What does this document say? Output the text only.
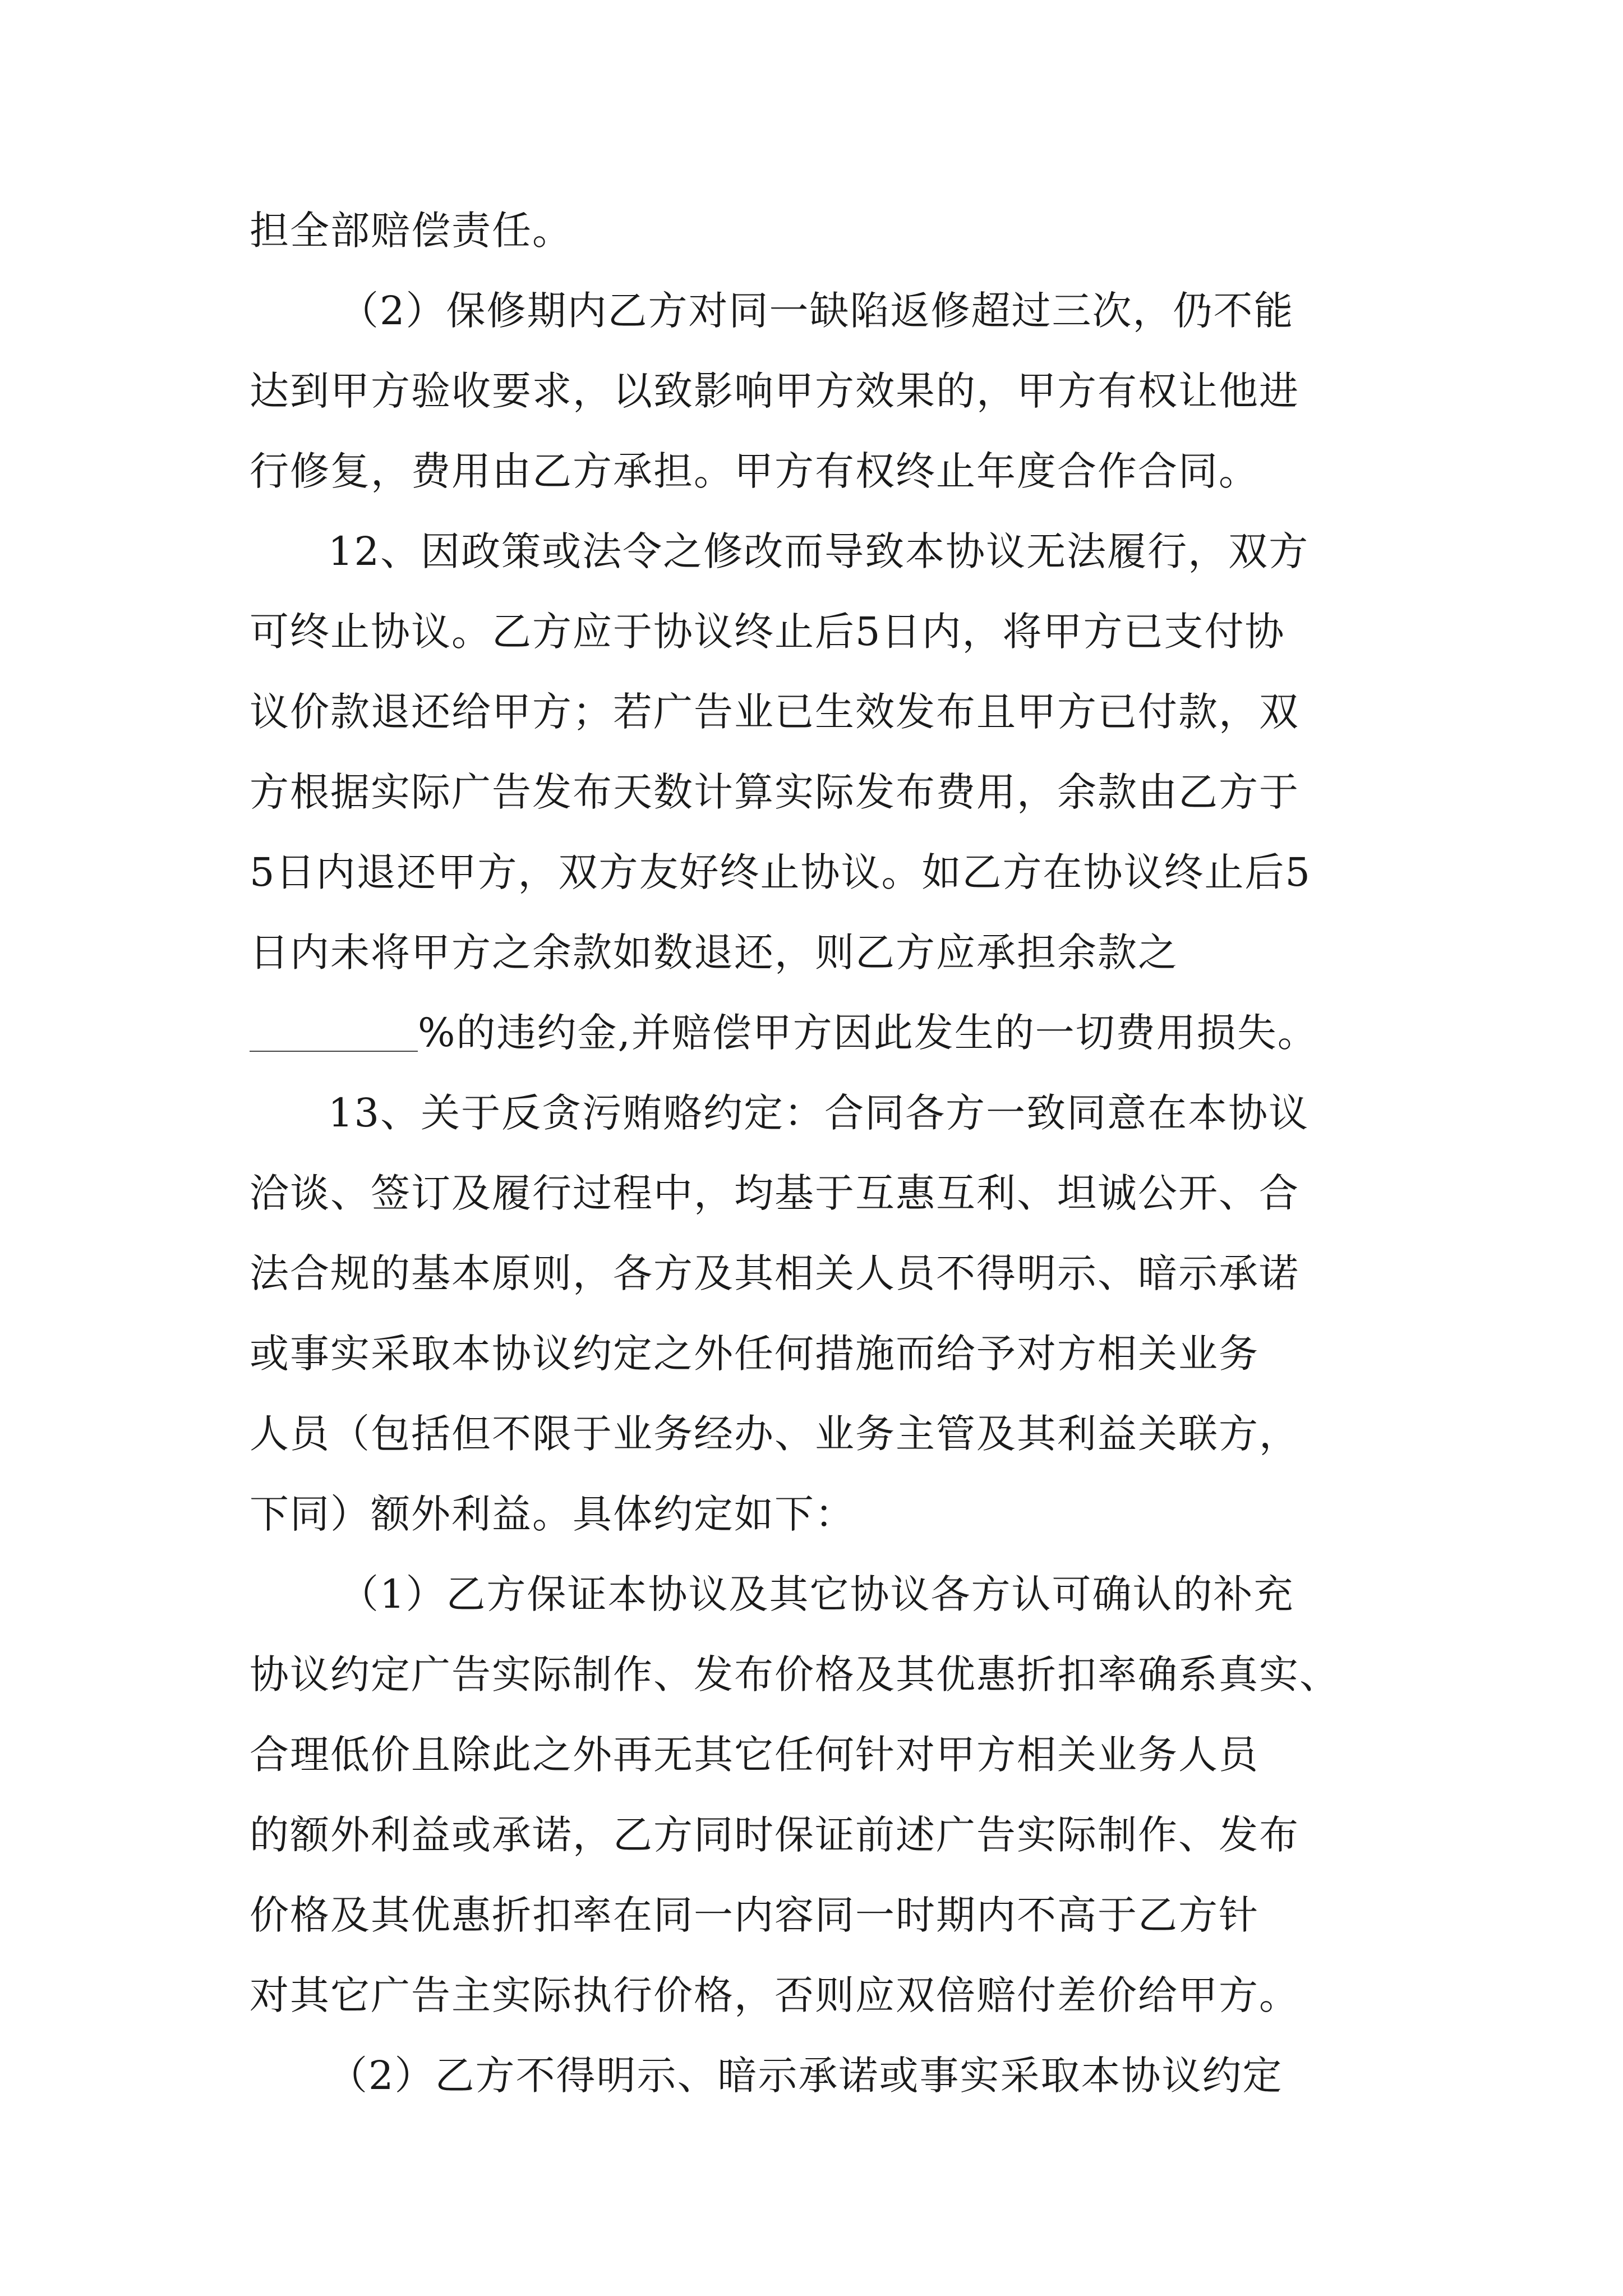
担全部赔偿责任。
（2）保修期内乙方对同一缺陷返修超过三次，仍不能
达到甲方验收要求，以致影响甲方效果的，甲方有权让他进
行修复，费用由乙方承担。甲方有权终止年度合作合同。
12、因政策或法令之修改而导致本协议无法履行，双方
可终止协议。乙方应于协议终止后5日内，将甲方已支付协
议价款退还给甲方；若广告业已生效发布且甲方已付款，双
方根据实际广告发布天数计算实际发布费用，余款由乙方于
5日内退还甲方，双方友好终止协议。如乙方在协议终止后5
日内未将甲方之余款如数退还，则乙方应承担余款之
%的违约金,并赔偿甲方因此发生的一切费用损失。
13、关于反贪污贿赂约定：合同各方一致同意在本协议
洽谈、签订及履行过程中，均基于互惠互利、坦诚公开、合
法合规的基本原则，各方及其相关人员不得明示、暗示承诺
或事实采取本协议约定之外任何措施而给予对方相关业务
人员（包括但不限于业务经办、业务主管及其利益关联方，
下同）额外利益。具体约定如下：
（1）乙方保证本协议及其它协议各方认可确认的补充
协议约定广告实际制作、发布价格及其优惠折扣率确系真实、
合理低价且除此之外再无其它任何针对甲方相关业务人员
的额外利益或承诺，乙方同时保证前述广告实际制作、发布
价格及其优惠折扣率在同一内容同一时期内不高于乙方针
对其它广告主实际执行价格，否则应双倍赔付差价给甲方。
（2）乙方不得明示、暗示承诺或事实采取本协议约定
